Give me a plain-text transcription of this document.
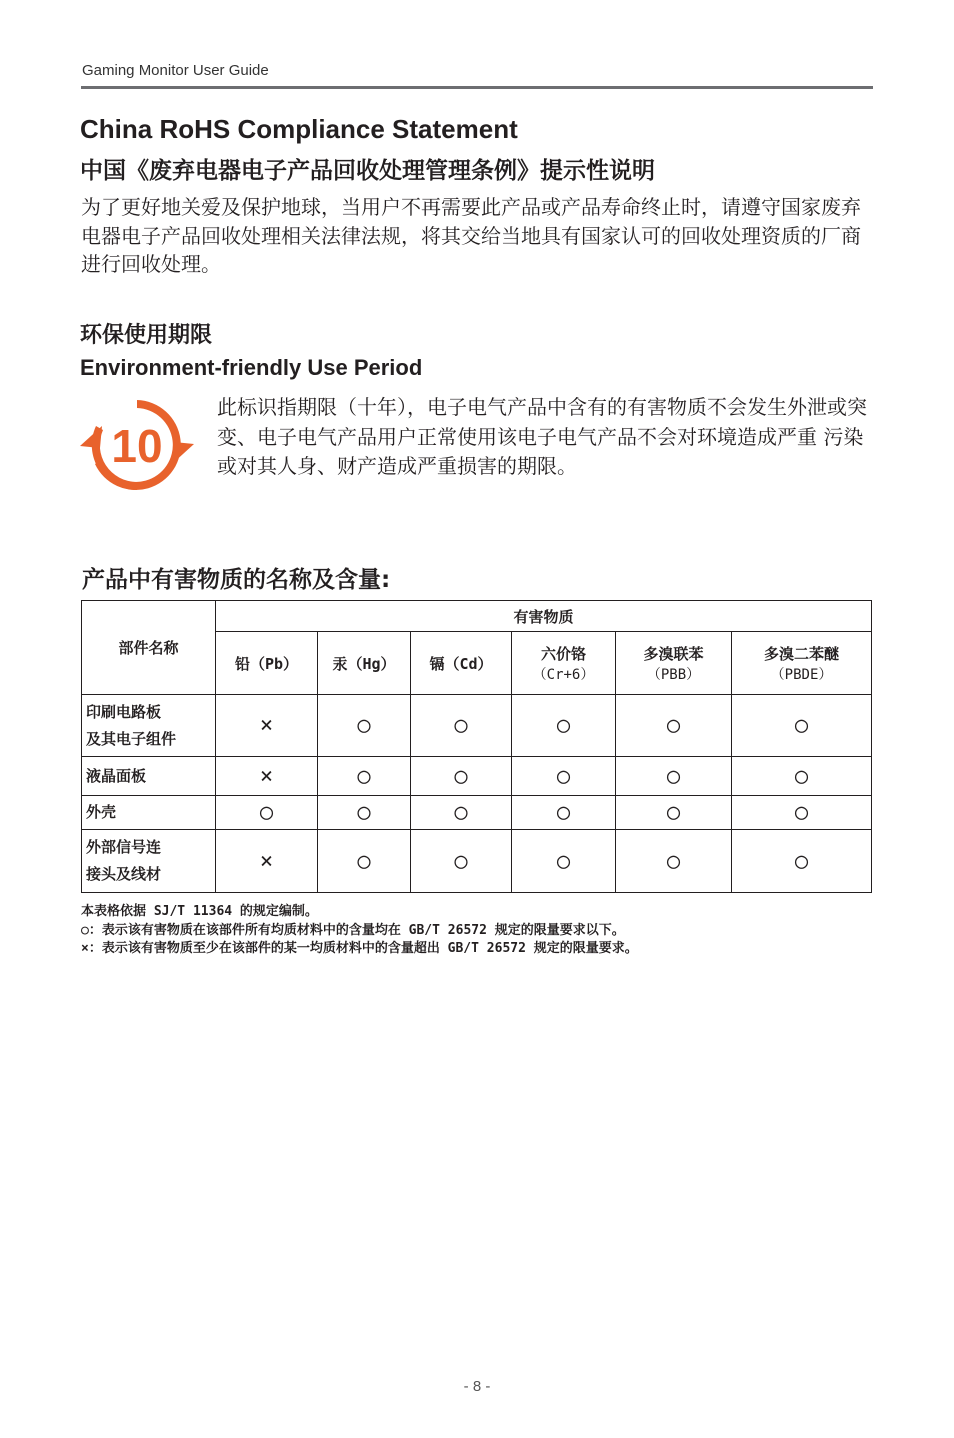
Gaming Monitor User Guide
China RoHS Compliance Statement
中国《废弃电器电子产品回收处理管理条例》提示性说明
为了更好地关爱及保护地球，当用户不再需要此产品或产品寿命终止时，请遵守国家废弃电器电子产品回收处理相关法律法规，将其交给当地具有国家认可的回收处理资质的厂商进行回收处理。
环保使用期限
Environment-friendly Use Period
10
此标识指期限（十年），电子电气产品中含有的有害物质不会发生外泄或突变、电子电气产品用户正常使用该电子电气产品不会对环境造成严重 污染或对其人身、财产造成严重损害的期限。
产品中有害物质的名称及含量:
部件名称	有害物质					
	铅（Pb）	汞（Hg）	镉（Cd）	六价铬
（Cr+6）	多溴联苯
（PBB）	多溴二苯醚
（PBDE）

印刷电路板
及其电子组件	×	○	○	○	○	○

液晶面板	×	○	○	○	○	○

外壳	○	○	○	○	○	○

外部信号连
接头及线材	×	○	○	○	○	○
本表格依据 SJ/T 11364 的规定编制。
○：表示该有害物质在该部件所有均质材料中的含量均在 GB/T 26572 规定的限量要求以下。
×：表示该有害物质至少在该部件的某一均质材料中的含量超出 GB/T 26572 规定的限量要求。
- 8 -
